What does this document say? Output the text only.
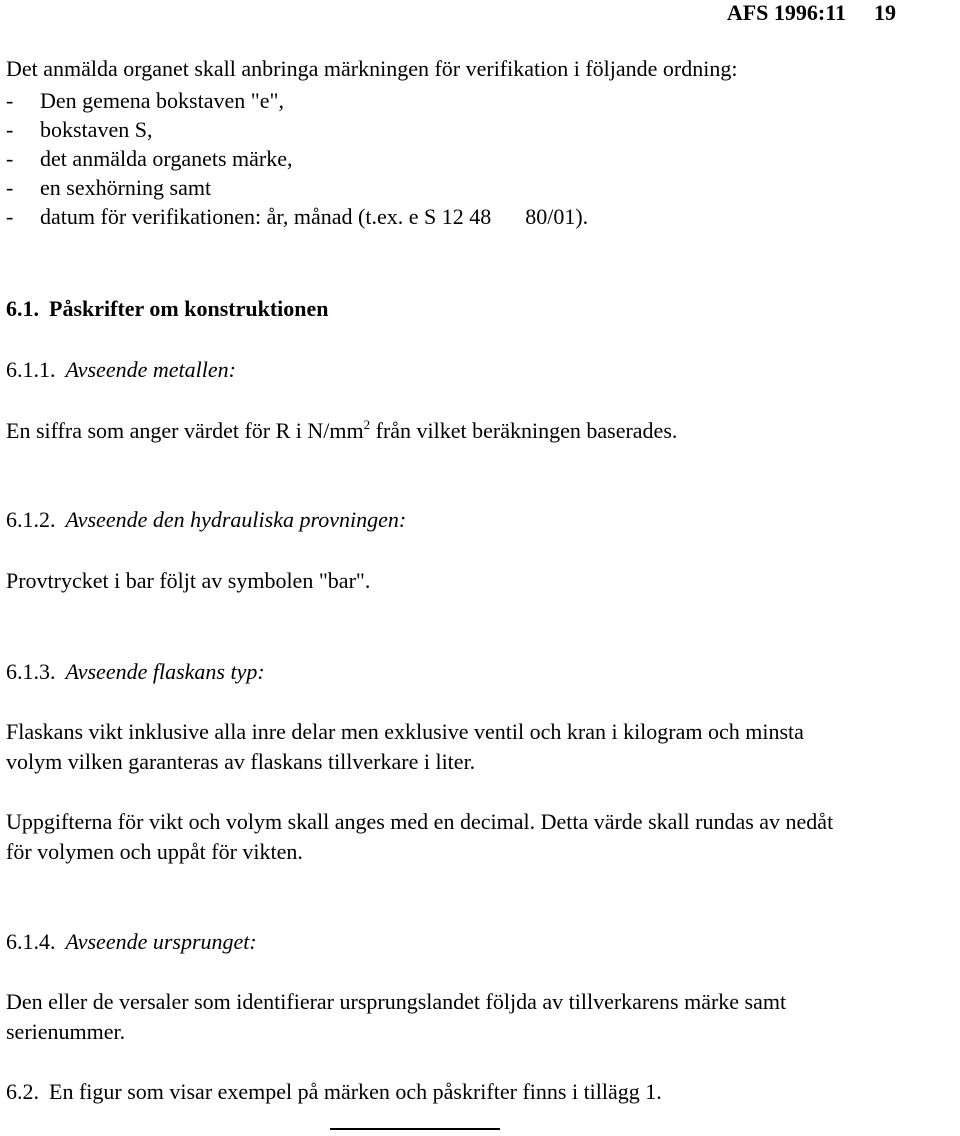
AFS 1996:11 19
Det anmälda organet skall anbringa märkningen för verifikation i följande ordning:
- Den gemena bokstaven "e",
- bokstaven S,
- det anmälda organets märke,
- en sexhörning samt
- datum för verifikationen: år, månad (t.ex. e S 12 48 80/01).
6.1. Påskrifter om konstruktionen
6.1.1. Avseende metallen:
En siffra som anger värdet för R i $N/mm^2$ från vilket beräkningen baserades.
6.1.2. Avseende den hydrauliska provningen:
Provtrycket i bar följt av symbolen "bar".
6.1.3. Avseende flaskans typ:
Flaskans vikt inklusive alla inre delar men exklusive ventil och kran i kilogram och minsta
volym vilken garanteras av flaskans tillverkare i liter.
Uppgifterna för vikt och volym skall anges med en decimal. Detta värde skall rundas av nedåt
för volymen och uppåt för vikten.
6.1.4. Avseende ursprunget:
Den eller de versaler som identifierar ursprungslandet följda av tillverkarens märke samt
serienummer.
6.2. En figur som visar exempel på märken och påskrifter finns i tillägg 1.
